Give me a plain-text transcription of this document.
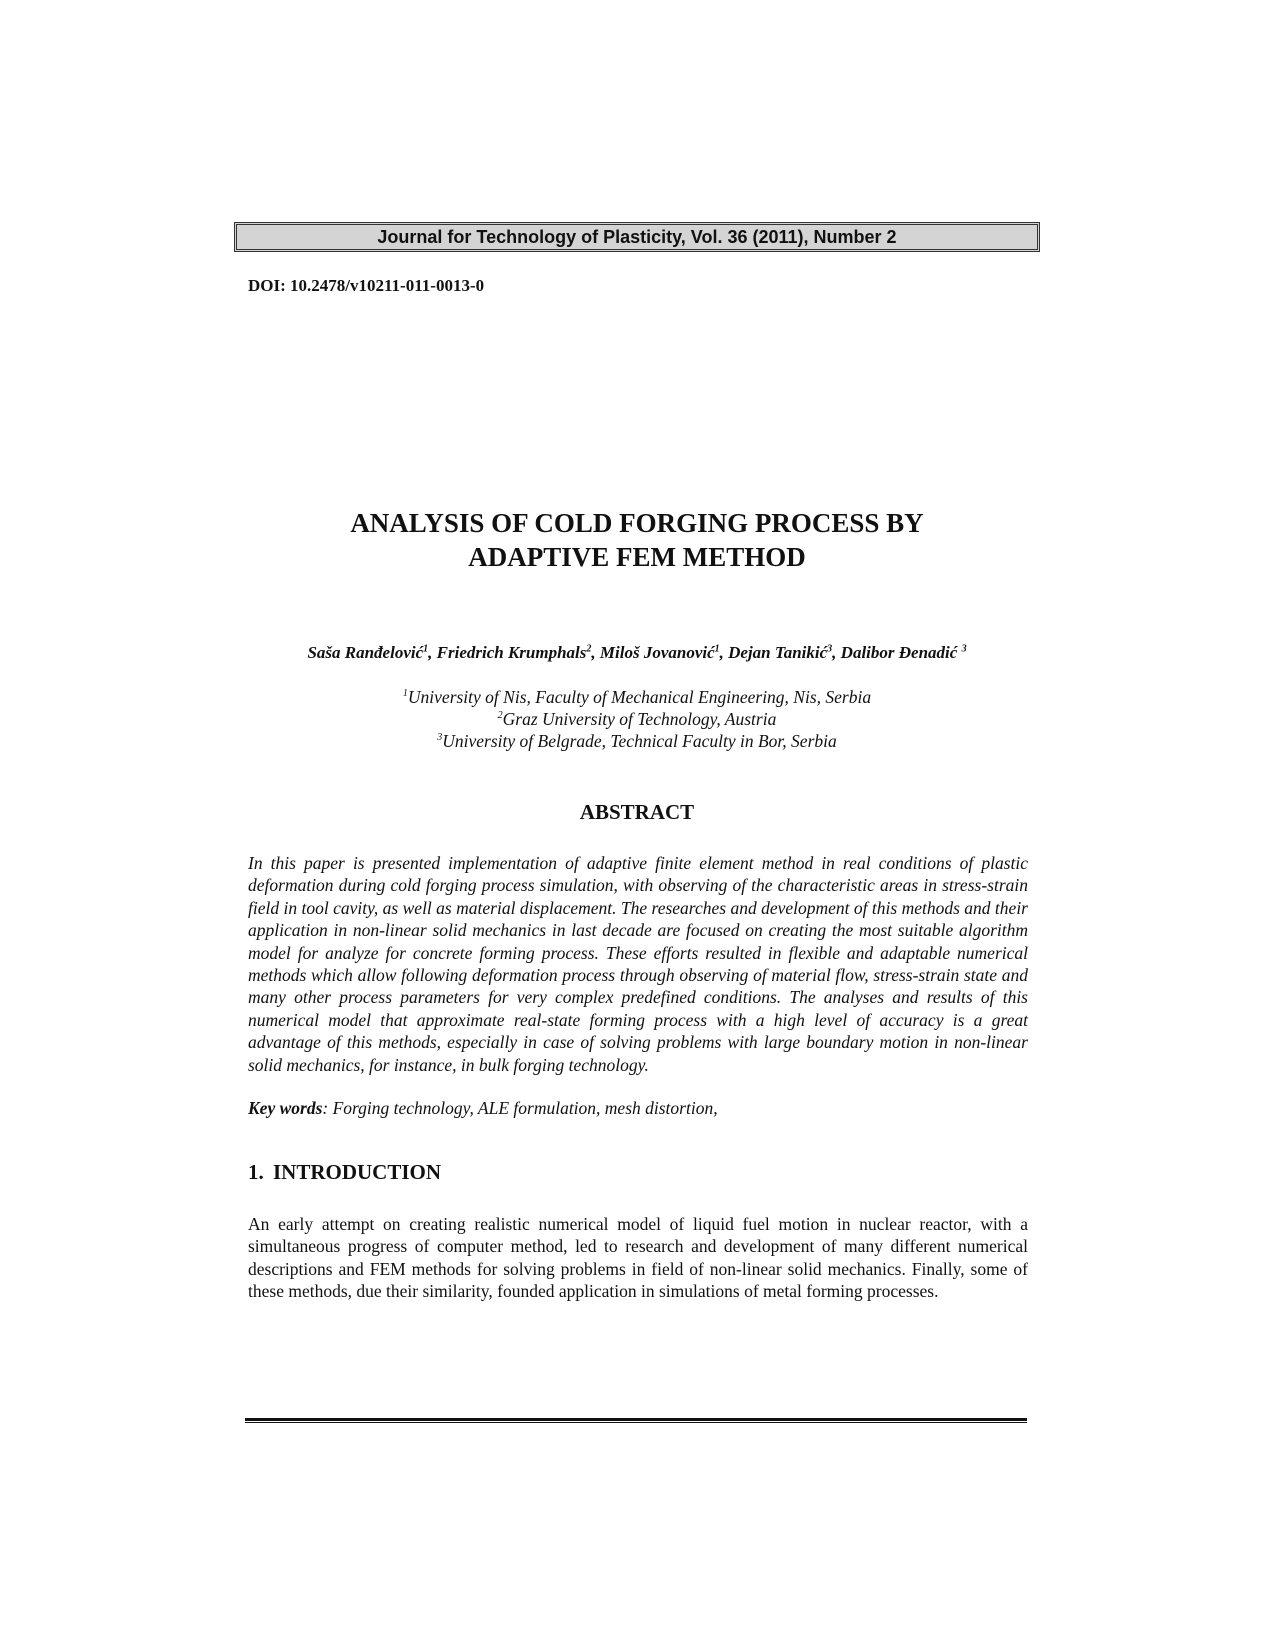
Journal for Technology of Plasticity, Vol. 36 (2011), Number 2
DOI: 10.2478/v10211-011-0013-0
ANALYSIS OF COLD FORGING PROCESS BY
ADAPTIVE FEM METHOD
Saša Ranđelović$^1$, Friedrich Krumphals$^2$, Miloš Jovanović$^1$, Dejan Tanikić$^3$, Dalibor Đenadić $^3$
$^1$University of Nis, Faculty of Mechanical Engineering, Nis, Serbia
$^2$Graz University of Technology, Austria
$^3$University of Belgrade, Technical Faculty in Bor, Serbia
ABSTRACT
In this paper is presented implementation of adaptive finite element method in real conditions of plastic deformation during cold forging process simulation, with observing of the characteristic areas in stress-strain field in tool cavity, as well as material displacement. The researches and development of this methods and their application in non-linear solid mechanics in last decade are focused on creating the most suitable algorithm model for analyze for concrete forming process. These efforts resulted in flexible and adaptable numerical methods which allow following deformation process through observing of material flow, stress-strain state and many other process parameters for very complex predefined conditions. The analyses and results of this numerical model that approximate real-state forming process with a high level of accuracy is a great advantage of this methods, especially in case of solving problems with large boundary motion in non-linear solid mechanics, for instance, in bulk forging technology.
Key words: Forging technology, ALE formulation, mesh distortion,
1. INTRODUCTION
An early attempt on creating realistic numerical model of liquid fuel motion in nuclear reactor, with a simultaneous progress of computer method, led to research and development of many different numerical descriptions and FEM methods for solving problems in field of non-linear solid mechanics. Finally, some of these methods, due their similarity, founded application in simulations of metal forming processes.
